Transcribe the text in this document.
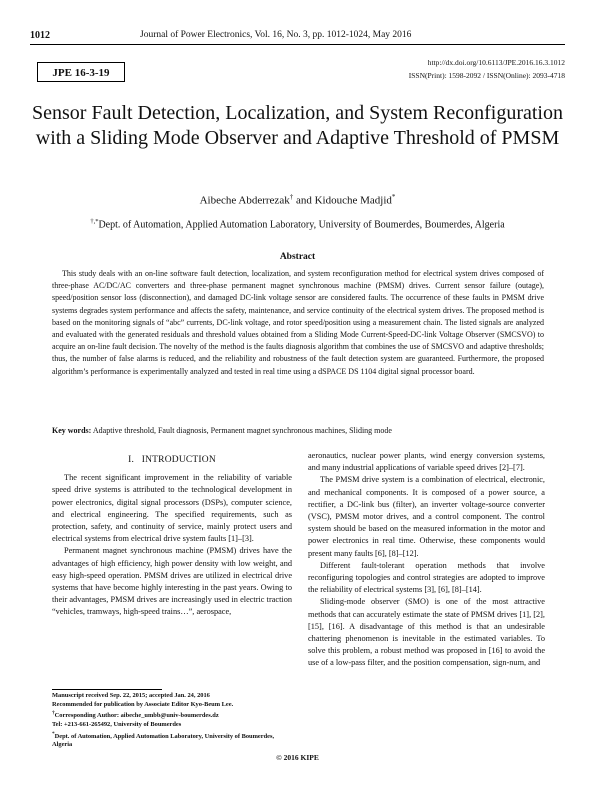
1012	Journal of Power Electronics, Vol. 16, No. 3, pp. 1012-1024, May 2016
JPE 16-3-19
http://dx.doi.org/10.6113/JPE.2016.16.3.1012
ISSN(Print): 1598-2092 / ISSN(Online): 2093-4718
Sensor Fault Detection, Localization, and System Reconfiguration with a Sliding Mode Observer and Adaptive Threshold of PMSM
Aibeche Abderrezak† and Kidouche Madjid*
†,*Dept. of Automation, Applied Automation Laboratory, University of Boumerdes, Boumerdes, Algeria
Abstract
This study deals with an on-line software fault detection, localization, and system reconfiguration method for electrical system drives composed of three-phase AC/DC/AC converters and three-phase permanent magnet synchronous machine (PMSM) drives. Current sensor failure (outage), speed/position sensor loss (disconnection), and damaged DC-link voltage sensor are considered faults. The occurrence of these faults in PMSM drive systems degrades system performance and affects the safety, maintenance, and service continuity of the electrical system drives. The proposed method is based on the monitoring signals of “abc” currents, DC-link voltage, and rotor speed/position using a measurement chain. The listed signals are analyzed and evaluated with the generated residuals and threshold values obtained from a Sliding Mode Current-Speed-DC-link Voltage Observer (SMCSVO) to acquire an on-line fault decision. The novelty of the method is the faults diagnosis algorithm that combines the use of SMCSVO and adaptive thresholds; thus, the number of false alarms is reduced, and the reliability and robustness of the fault detection system are guaranteed. Furthermore, the proposed algorithm’s performance is experimentally analyzed and tested in real time using a dSPACE DS 1104 digital signal processor board.
Key words: Adaptive threshold, Fault diagnosis, Permanent magnet synchronous machines, Sliding mode

I.   INTRODUCTION

The recent significant improvement in the reliability of variable speed drive systems is attributed to the technological development in power electronics, digital signal processors (DSPs), computer science, and electrical engineering. The specified requirements, such as protection, safety, and continuity of service, mainly protect users and electrical systems from electrical drive system faults [1]–[3].

Permanent magnet synchronous machine (PMSM) drives have the advantages of high efficiency, high power density with low weight, and easy high-speed operation. PMSM drives are utilized in electrical drive systems that have become highly interesting in the past years. Owing to their advantages, PMSM drives are increasingly used in electric traction “vehicles, tramways, high-speed trains…”, aerospace,

aeronautics, nuclear power plants, wind energy conversion systems, and many industrial applications of variable speed drives [2]–[7].

The PMSM drive system is a combination of electrical, electronic, and mechanical components. It is composed of a power source, a rectifier, a DC-link bus (filter), an inverter voltage-source converter (VSC), PMSM motor drives, and a control component. The control system should be based on the measured information in the motor and power electronics in real time. Otherwise, these components would present many faults [6], [8]–[12].

Different fault-tolerant operation methods that involve reconfiguring topologies and control strategies are adopted to improve the reliability of electrical systems [3], [6], [8]–[14].

Sliding-mode observer (SMO) is one of the most attractive methods that can accurately estimate the state of PMSM drives [1], [2], [15], [16]. A disadvantage of this method is that an undesirable chattering phenomenon is inevitable in the estimated variables. To solve this problem, a robust method was proposed in [16] to avoid the use of a low-pass filter, and the position compensation, sign-num, and

Manuscript received Sep. 22, 2015; accepted Jan. 24, 2016
Recommended for publication by Associate Editor Kyo-Beum Lee.
†Corresponding Author: aibeche_umbb@univ-boumerdes.dz
Tel: +213-661-265492, University of Boumerdes
*Dept. of Automation, Applied Automation Laboratory, University of Boumerdes, Algeria
© 2016 KIPE
